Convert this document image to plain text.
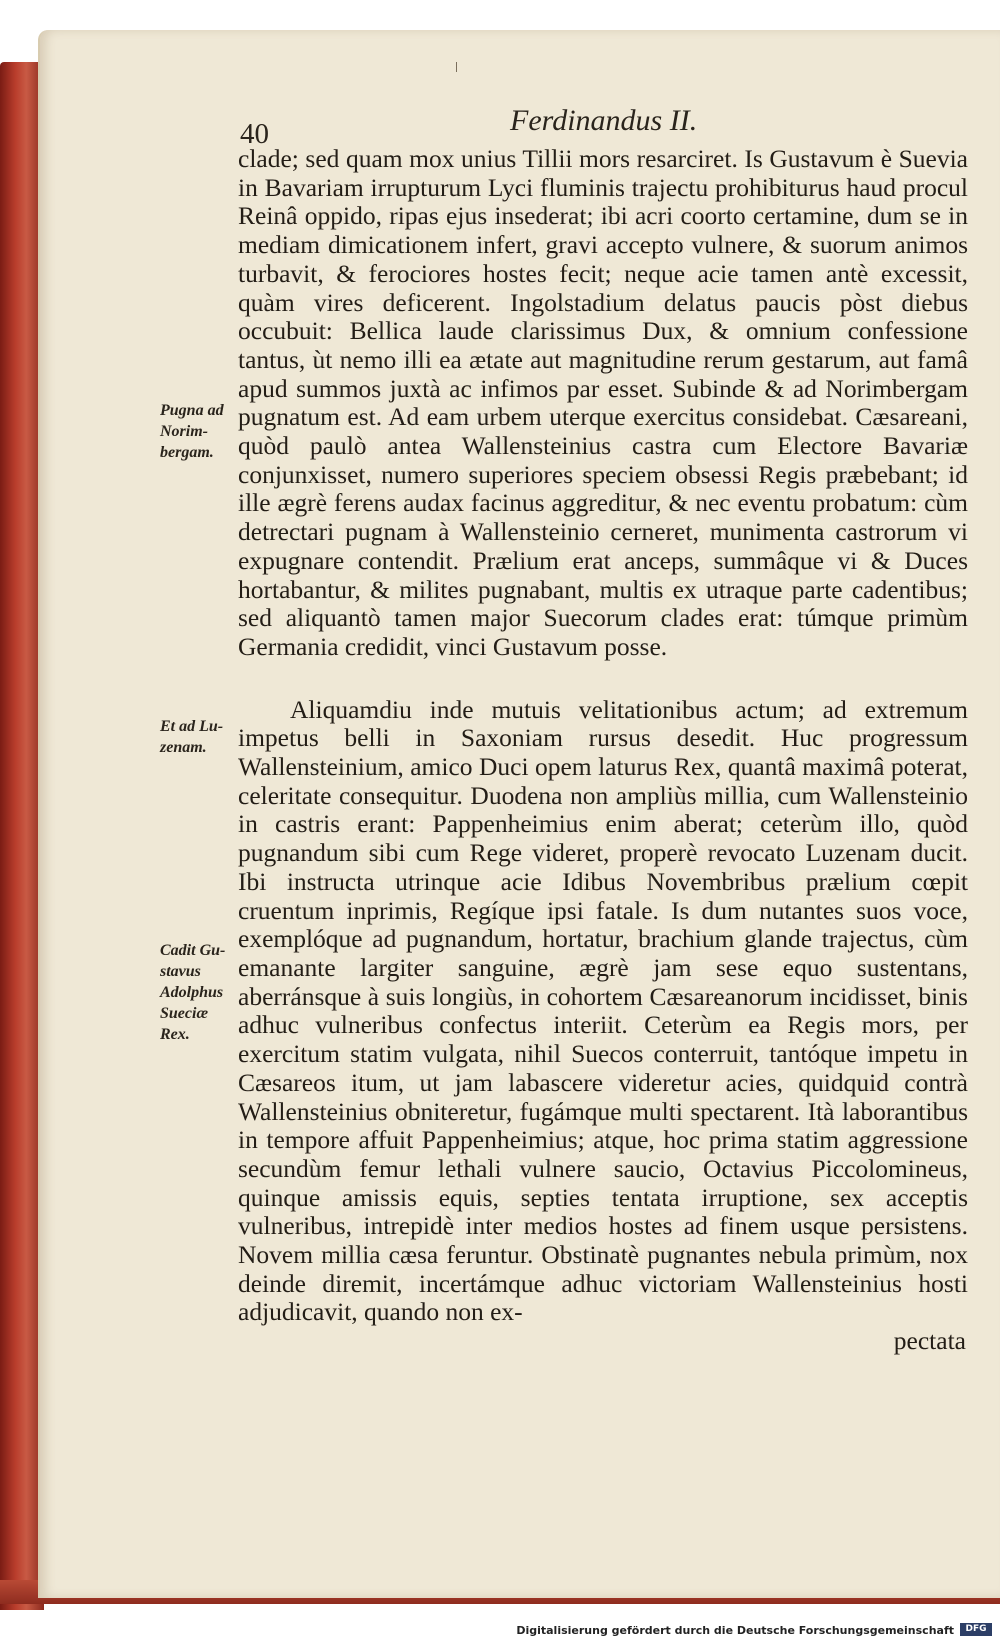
40	Ferdinandus II.

Pugna ad Norim- bergam.

Et ad Lu- zenam.

Cadit Gu- stavus Adolphus Sueciæ Rex.

clade; sed quam mox unius Tillii mors resarciret. Is Gustavum è Suevia in Bavariam irrupturum Lyci fluminis trajectu prohibiturus haud procul Reinâ oppido, ripas ejus insederat; ibi acri coorto certamine, dum se in mediam dimicationem infert, gravi accepto vulnere, & suorum animos turbavit, & ferociores hostes fecit; neque acie tamen antè excessit, quàm vires deficerent. Ingolstadium delatus paucis pòst diebus occubuit: Bellica laude clarissimus Dux, & omnium confessione tantus, ùt nemo illi ea ætate aut magnitudine rerum gestarum, aut famâ apud summos juxtà ac infimos par esset. Subinde & ad Norimbergam pugnatum est. Ad eam urbem uterque exercitus considebat. Cæsareani, quòd paulò antea Wallensteinius castra cum Electore Bavariæ conjunxisset, numero superiores speciem obsessi Regis præbebant; id ille ægrè ferens audax facinus aggreditur, & nec eventu probatum: cùm detrectari pugnam à Wallensteinio cerneret, munimenta castrorum vi expugnare contendit. Prælium erat anceps, summâque vi & Duces hortabantur, & milites pugnabant, multis ex utraque parte cadentibus; sed aliquantò tamen major Suecorum clades erat: túmque primùm Germania credidit, vinci Gustavum posse.

Aliquamdiu inde mutuis velitationibus actum; ad extremum impetus belli in Saxoniam rursus desedit. Huc progressum Wallensteinium, amico Duci opem laturus Rex, quantâ maximâ poterat, celeritate consequitur. Duodena non ampliùs millia, cum Wallensteinio in castris erant: Pappenheimius enim aberat; ceterùm illo, quòd pugnandum sibi cum Rege videret, properè revocato Luzenam ducit. Ibi instructa utrinque acie Idibus Novembribus prælium cœpit cruentum inprimis, Regíque ipsi fatale. Is dum nutantes suos voce, exemplóque ad pugnandum, hortatur, brachium glande trajectus, cùm emanante largiter sanguine, ægrè jam sese equo sustentans, aberránsque à suis longiùs, in cohortem Cæsareanorum incidisset, binis adhuc vulneribus confectus interiit. Ceterùm ea Regis mors, per exercitum statim vulgata, nihil Suecos conterruit, tantóque impetu in Cæsareos itum, ut jam labascere videretur acies, quidquid contrà Wallensteinius obniteretur, fugámque multi spectarent. Ità laborantibus in tempore affuit Pappenheimius; atque, hoc prima statim aggressione secundùm femur lethali vulnere saucio, Octavius Piccolomineus, quinque amissis equis, septies tentata irruptione, sex acceptis vulneribus, intrepidè inter medios hostes ad finem usque persistens. Novem millia cæsa feruntur. Obstinatè pugnantes nebula primùm, nox deinde diremit, incertámque adhuc victoriam Wallensteinius hosti adjudicavit, quando non ex-

pectata

Digitalisierung gefördert durch die Deutsche Forschungsgemeinschaft	DFG
